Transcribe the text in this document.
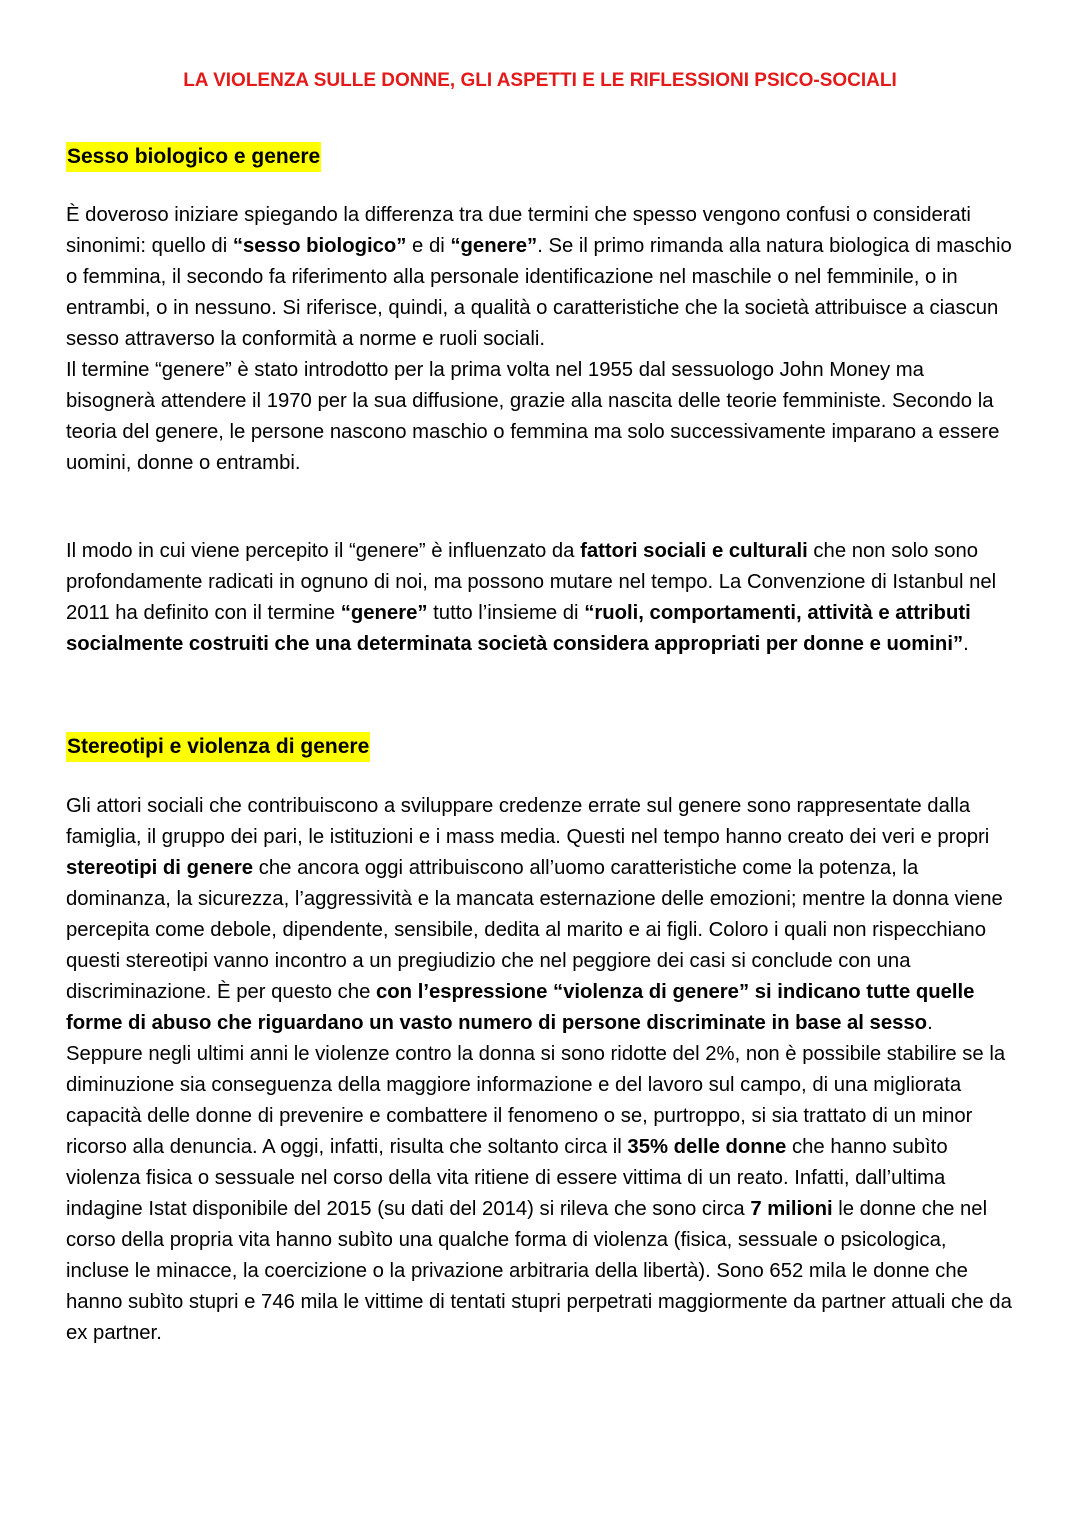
LA VIOLENZA SULLE DONNE, GLI ASPETTI E LE RIFLESSIONI PSICO-SOCIALI
Sesso biologico e genere

È doveroso iniziare spiegando la differenza tra due termini che spesso vengono confusi o considerati sinonimi: quello di “sesso biologico” e di “genere”. Se il primo rimanda alla natura biologica di maschio o femmina, il secondo fa riferimento alla personale identificazione nel maschile o nel femminile, o in entrambi, o in nessuno. Si riferisce, quindi, a qualità o caratteristiche che la società attribuisce a ciascun sesso attraverso la conformità a norme e ruoli sociali.
Il termine “genere” è stato introdotto per la prima volta nel 1955 dal sessuologo John Money ma bisognerà attendere il 1970 per la sua diffusione, grazie alla nascita delle teorie femministe. Secondo la teoria del genere, le persone nascono maschio o femmina ma solo successivamente imparano a essere uomini, donne o entrambi.

Il modo in cui viene percepito il “genere” è influenzato da fattori sociali e culturali che non solo sono profondamente radicati in ognuno di noi, ma possono mutare nel tempo. La Convenzione di Istanbul nel 2011 ha definito con il termine “genere” tutto l’insieme di “ruoli, comportamenti, attività e attributi socialmente costruiti che una determinata società considera appropriati per donne e uomini”.

Stereotipi e violenza di genere

Gli attori sociali che contribuiscono a sviluppare credenze errate sul genere sono rappresentate dalla famiglia, il gruppo dei pari, le istituzioni e i mass media. Questi nel tempo hanno creato dei veri e propri stereotipi di genere che ancora oggi attribuiscono all’uomo caratteristiche come la potenza, la dominanza, la sicurezza, l’aggressività e la mancata esternazione delle emozioni; mentre la donna viene percepita come debole, dipendente, sensibile, dedita al marito e ai figli. Coloro i quali non rispecchiano questi stereotipi vanno incontro a un pregiudizio che nel peggiore dei casi si conclude con una discriminazione. È per questo che con l’espressione “violenza di genere” si indicano tutte quelle forme di abuso che riguardano un vasto numero di persone discriminate in base al sesso.
Seppure negli ultimi anni le violenze contro la donna si sono ridotte del 2%, non è possibile stabilire se la diminuzione sia conseguenza della maggiore informazione e del lavoro sul campo, di una migliorata capacità delle donne di prevenire e combattere il fenomeno o se, purtroppo, si sia trattato di un minor ricorso alla denuncia. A oggi, infatti, risulta che soltanto circa il 35% delle donne che hanno subìto violenza fisica o sessuale nel corso della vita ritiene di essere vittima di un reato. Infatti, dall’ultima indagine Istat disponibile del 2015 (su dati del 2014) si rileva che sono circa 7 milioni le donne che nel corso della propria vita hanno subìto una qualche forma di violenza (fisica, sessuale o psicologica, incluse le minacce, la coercizione o la privazione arbitraria della libertà). Sono 652 mila le donne che hanno subìto stupri e 746 mila le vittime di tentati stupri perpetrati maggiormente da partner attuali che da ex partner.
